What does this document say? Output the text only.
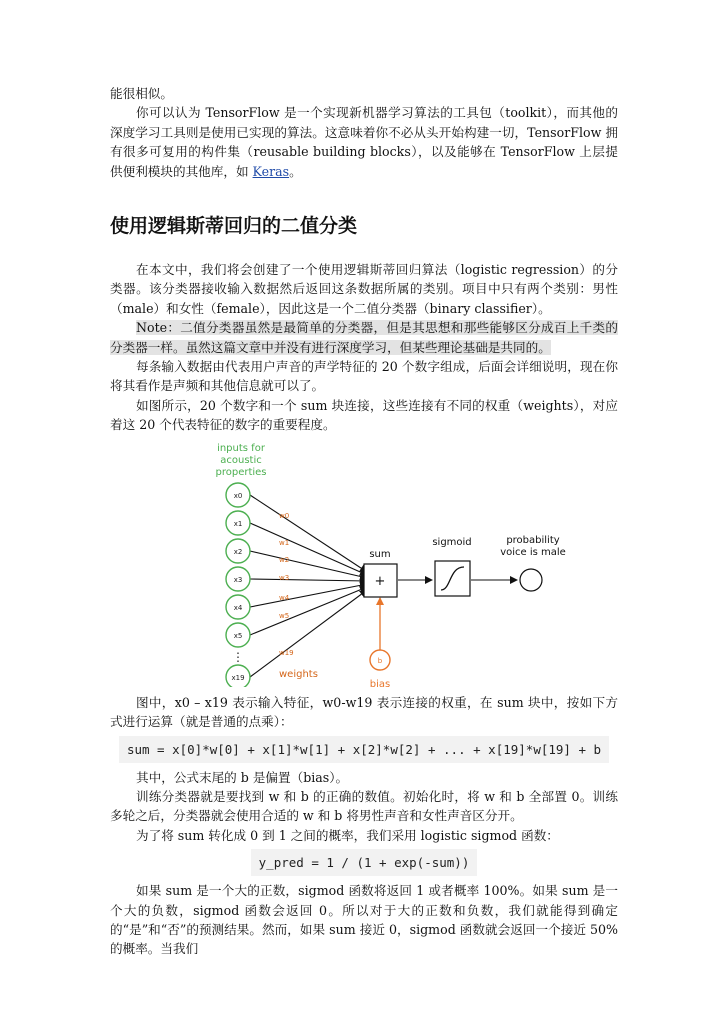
能很相似。

你可以认为 TensorFlow 是一个实现新机器学习算法的工具包（toolkit），而其他的深度学习工具则是使用已实现的算法。这意味着你不必从头开始构建一切，TensorFlow 拥有很多可复用的构件集（reusable building blocks），以及能够在 TensorFlow 上层提供便利模块的其他库，如 Keras。

使用逻辑斯蒂回归的二值分类

在本文中，我们将会创建了一个使用逻辑斯蒂回归算法（logistic regression）的分类器。该分类器接收输入数据然后返回这条数据所属的类别。项目中只有两个类别：男性（male）和女性（female），因此这是一个二值分类器（binary classifier）。

Note：二值分类器虽然是最简单的分类器，但是其思想和那些能够区分成百上千类的分类器一样。虽然这篇文章中并没有进行深度学习，但某些理论基础是共同的。

每条输入数据由代表用户声音的声学特征的 20 个数字组成，后面会详细说明，现在你将其看作是声频和其他信息就可以了。

如图所示，20 个数字和一个 sum 块连接，这些连接有不同的权重（weights），对应着这 20 个代表特征的数字的重要程度。

inputs for
acoustic
properties
x0
x1
x2
x3
x4
x5
x19
⋮
w0
w1
w2
w3
w4
w5
w19
weights
sum
+
sigmoid	probability
voice is male
b
bias

图中，x0 – x19 表示输入特征，w0-w19 表示连接的权重，在 sum 块中，按如下方式进行运算（就是普通的点乘）：

sum = x[0]*w[0] + x[1]*w[1] + x[2]*w[2] + ... + x[19]*w[19] + b

其中，公式末尾的 b 是偏置（bias）。

训练分类器就是要找到 w 和 b 的正确的数值。初始化时，将 w 和 b 全部置 0。训练多轮之后，分类器就会使用合适的 w 和 b 将男性声音和女性声音区分开。

为了将 sum 转化成 0 到 1 之间的概率，我们采用 logistic sigmod 函数：

y_pred = 1 / (1 + exp(-sum))

如果 sum 是一个大的正数，sigmod 函数将返回 1 或者概率 100%。如果 sum 是一个大的负数，sigmod 函数会返回 0。所以对于大的正数和负数，我们就能得到确定的“是”和“否”的预测结果。然而，如果 sum 接近 0，sigmod 函数就会返回一个接近 50%的概率。当我们
